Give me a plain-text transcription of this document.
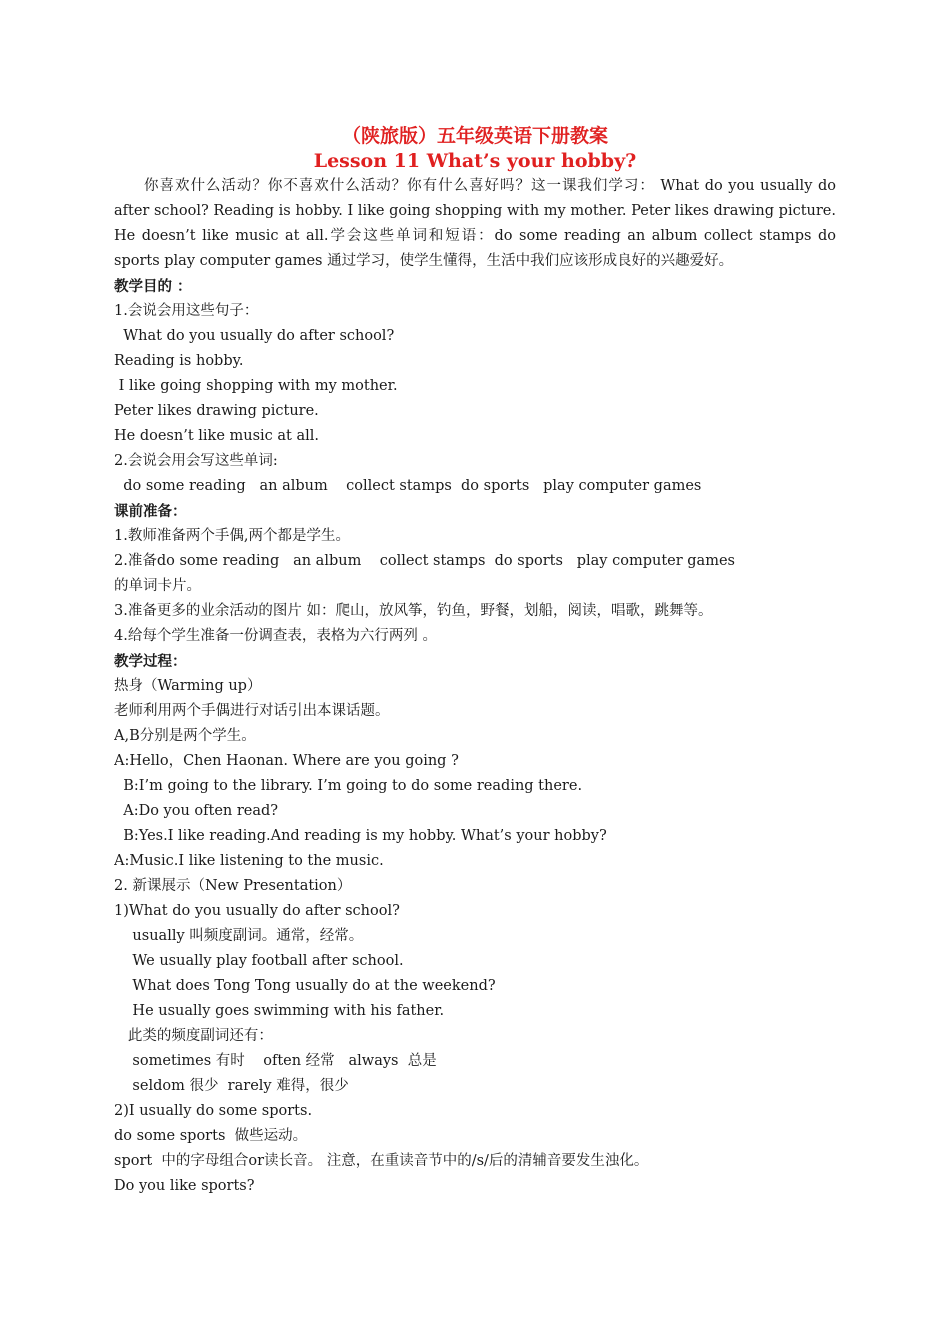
（陕旅版）五年级英语下册教案
Lesson 11 What’s your hobby?
你喜欢什么活动？你不喜欢什么活动？你有什么喜好吗？这一课我们学习： What do you usually do after school? Reading is hobby. I like going shopping with my mother. Peter likes drawing picture. He doesn’t like music at all.学会这些单词和短语：do some reading an album collect stamps do sports play computer games 通过学习，使学生懂得，生活中我们应该形成良好的兴趣爱好。
教学目的 ：
1.会说会用这些句子：
What do you usually do after school?
Reading is hobby.
I like going shopping with my mother.
Peter likes drawing picture.
He doesn’t like music at all.
2.会说会用会写这些单词:
do some reading   an album    collect stamps  do sports   play computer games
课前准备：
1.教师准备两个手偶,两个都是学生。
2.准备do some reading   an album    collect stamps  do sports   play computer games
的单词卡片。
3.准备更多的业余活动的图片 如：爬山，放风筝，钓鱼，野餐，划船，阅读，唱歌，跳舞等。
4.给每个学生准备一份调查表，表格为六行两列 。
教学过程：
热身（Warming up）
老师利用两个手偶进行对话引出本课话题。
A,B分别是两个学生。
A:Hello，Chen Haonan. Where are you going ?
B:I’m going to the library. I’m going to do some reading there.
A:Do you often read?
B:Yes.I like reading.And reading is my hobby. What’s your hobby?
A:Music.I like listening to the music.
2. 新课展示（New Presentation）
1)What do you usually do after school?
usually 叫频度副词。通常，经常。
We usually play football after school.
What does Tong Tong usually do at the weekend?
He usually goes swimming with his father.
此类的频度副词还有：
sometimes 有时    often 经常   always  总是
seldom 很少  rarely 难得，很少
2)I usually do some sports.
do some sports  做些运动。
sport  中的字母组合or读长音。 注意，在重读音节中的/s/后的清辅音要发生浊化。
Do you like sports?
